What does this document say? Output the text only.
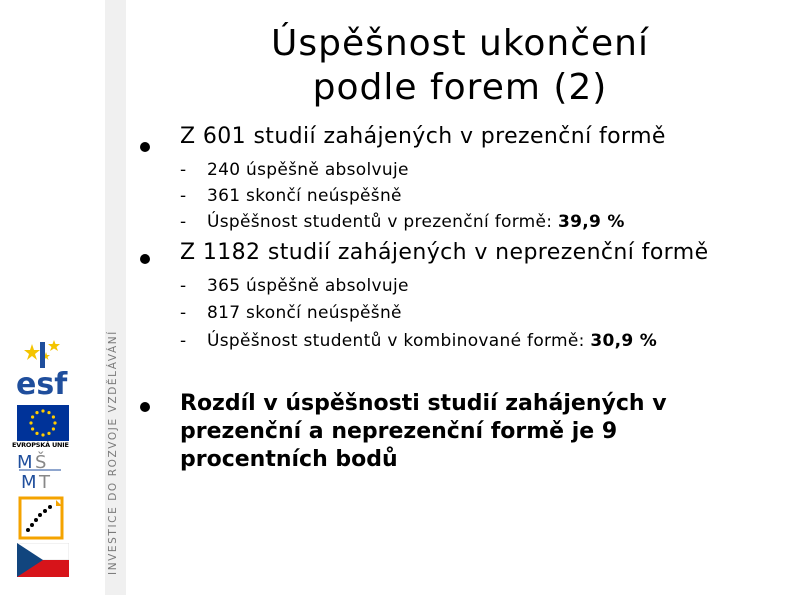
INVESTICE DO ROZVOJE VZDĚLÁVÁNÍ
esf
EVROPSKÁ UNIE
M Š
M T
Úspěšnost ukončení
podle forem (2)
Z 601 studií zahájených v prezenční formě
- 240 úspěšně absolvuje
- 361 skončí neúspěšně
- Úspěšnost studentů v prezenční formě: 39,9 %
Z 1182 studií zahájených v neprezenční formě
- 365 úspěšně absolvuje
- 817 skončí neúspěšně
- Úspěšnost studentů v kombinované formě: 30,9 %
Rozdíl v úspěšnosti studií zahájených v prezenční a neprezenční formě je 9 procentních bodů
